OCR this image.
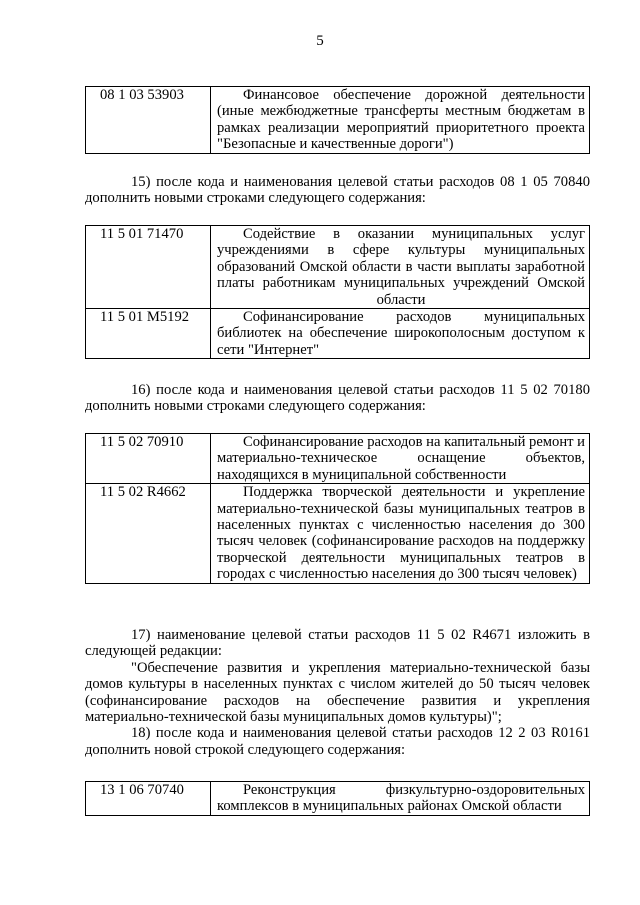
5
08 1 03 53903	Финансовое обеспечение дорожной деятельности (иные межбюджетные трансферты местным бюджетам в рамках реализации мероприятий приоритетного проекта "Безопасные и качественные дороги")

15) после кода и наименования целевой статьи расходов 08 1 05 70840 дополнить новыми строками следующего содержания:

11 5 01 71470	Содействие в оказании муниципальных услуг учреждениями в сфере культуры муниципальных образований Омской области в части выплаты заработной платы работникам муниципальных учреждений Омской области
11 5 01 M5192	Софинансирование расходов муниципальных библиотек на обеспечение широкополосным доступом к сети "Интернет"

16) после кода и наименования целевой статьи расходов 11 5 02 70180 дополнить новыми строками следующего содержания:

11 5 02 70910	Софинансирование расходов на капитальный ремонт и материально-техническое оснащение объектов, находящихся в муниципальной собственности
11 5 02 R4662	Поддержка творческой деятельности и укрепление материально-технической базы муниципальных театров в населенных пунктах с численностью населения до 300 тысяч человек (софинансирование расходов на поддержку творческой деятельности муниципальных театров в городах с численностью населения до 300 тысяч человек)

17) наименование целевой статьи расходов 11 5 02 R4671 изложить в следующей редакции:

"Обеспечение развития и укрепления материально-технической базы домов культуры в населенных пунктах с числом жителей до 50 тысяч человек (софинансирование расходов на обеспечение развития и укрепления материально-технической базы муниципальных домов культуры)";

18) после кода и наименования целевой статьи расходов 12 2 03 R0161 дополнить новой строкой следующего содержания:

13 1 06 70740	Реконструкция физкультурно-оздоровительных комплексов в муниципальных районах Омской области
